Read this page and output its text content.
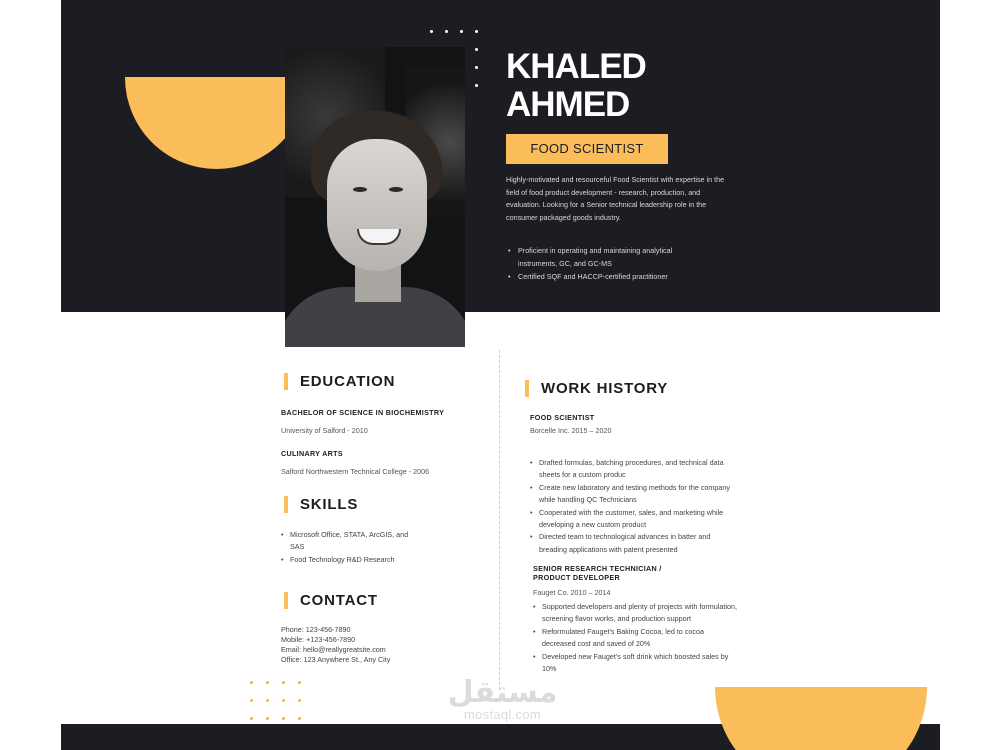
KHALED
AHMED
FOOD SCIENTIST

Highly-motivated and resourceful Food Scientist with expertise in the field of food product development - research, production, and evaluation. Looking for a Senior technical leadership role in the consumer packaged goods industry.

• Proficient in operating and maintaining analytical instruments, GC, and GC-MS
• Certified SQF and HACCP-certified practitioner
EDUCATION
BACHELOR OF SCIENCE IN BIOCHEMISTRY
University of Salford - 2010
CULINARY ARTS
Salford Northwestern Technical College - 2006
SKILLS
• Microsoft Office, STATA, ArcGIS, and SAS
• Food Technology R&D Research
CONTACT
Phone: 123-456-7890
Mobile: +123-456-7890
Email: hello@reallygreatsite.com
Office: 123 Anywhere St., Any City
WORK HISTORY
FOOD SCIENTIST
Borcelle Inc. 2015 – 2020
• Drafted formulas, batching procedures, and technical data sheets for a custom produc
• Create new laboratory and testing methods for the company while handling QC Technicians
• Cooperated with the customer, sales, and marketing while developing a new custom product
• Directed team to technological advances in batter and breading applications with patent presented
SENIOR RESEARCH TECHNICIAN / PRODUCT DEVELOPER
Fauget Co. 2010 – 2014
• Supported developers and plenty of projects with formulation, screening flavor works, and production support
• Reformulated Fauget's Baking Cocoa, led to cocoa decreased cost and saved of 20%
• Developed new Fauget's soft drink which boosted sales by 10%
مستقل
mostaql.com
